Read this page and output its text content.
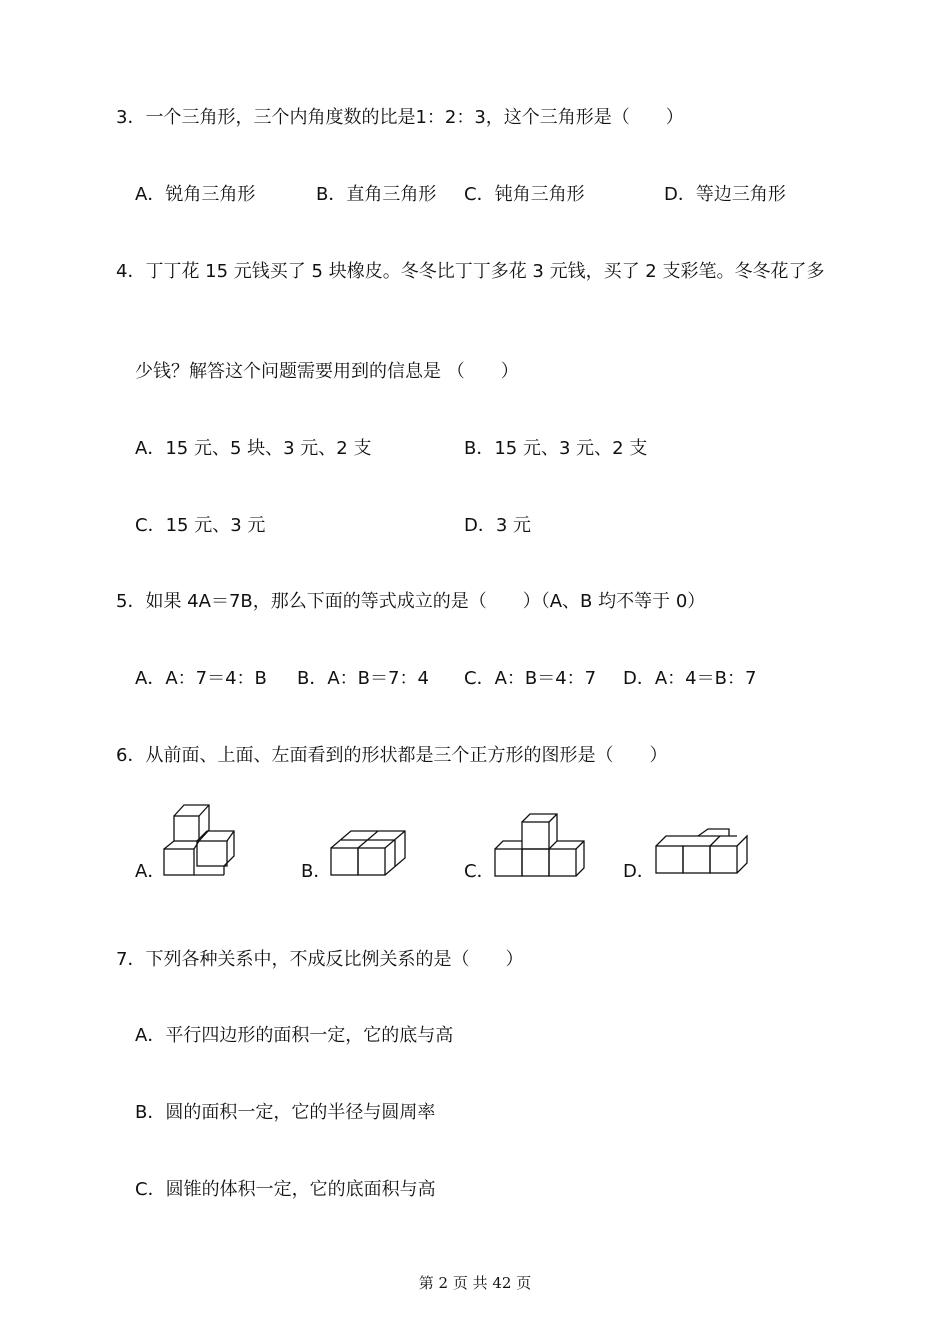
3．一个三角形，三个内角度数的比是1：2：3，这个三角形是（　　）
A．锐角三角形	B．直角三角形 C．钝角三角形	D．等边三角形
4．丁丁花 15 元钱买了 5 块橡皮。冬冬比丁丁多花 3 元钱，买了 2 支彩笔。冬冬花了多
少钱？解答这个问题需要用到的信息是 （　　）
A．15 元、5 块、3 元、2 支	B．15 元、3 元、2 支
C．15 元、3 元	D．3 元
5．如果 4A＝7B，那么下面的等式成立的是（　　）（A、B 均不等于 0）
A．A：7＝4：B B．A：B＝7：4 C．A：B＝4：7 D．A：4＝B：7
6．从前面、上面、左面看到的形状都是三个正方形的图形是（　　）
A．	B．	C．	D．
7．下列各种关系中，不成反比例关系的是（　　）
A．平行四边形的面积一定，它的底与高
B．圆的面积一定，它的半径与圆周率
C．圆锥的体积一定，它的底面积与高
第 2 页 共 42 页
